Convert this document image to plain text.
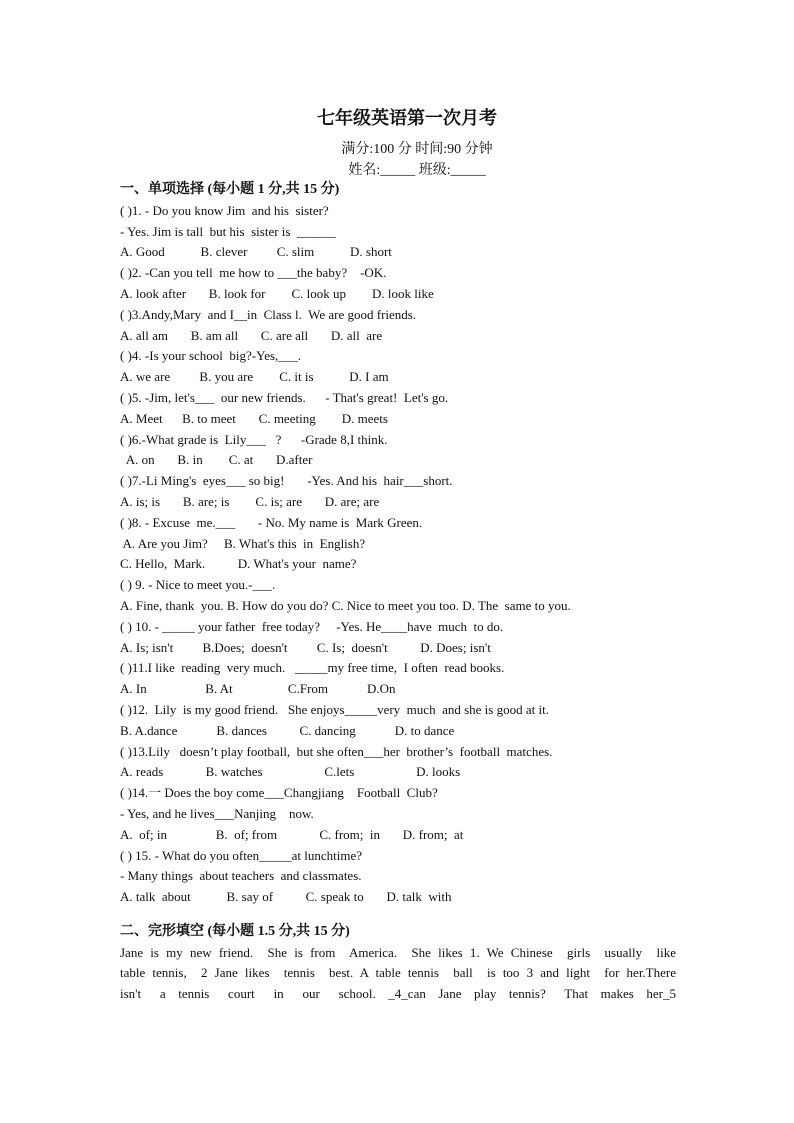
七年级英语第一次月考
满分:100 分 时间:90 分钟
姓名:_____ 班级:_____
一、单项选择 (每小题 1 分,共 15 分)
( )1. - Do you know Jim  and his  sister?
- Yes. Jim is tall  but his  sister is  ______
A. Good           B. clever         C. slim           D. short
( )2. -Can you tell  me how to ___the baby?    -OK.
A. look after       B. look for        C. look up        D. look like
( )3.Andy,Mary  and I__in  Class l.  We are good friends.
A. all am       B. am all       C. are all       D. all  are
( )4. -Is your school  big?-Yes,___.
A. we are         B. you are        C. it is           D. I am
( )5. -Jim, let's___  our new friends.      - That's great!  Let's go.
A. Meet      B. to meet       C. meeting        D. meets
( )6.-What grade is  Lily___   ?      -Grade 8,I think.
A. on       B. in        C. at       D.after
( )7.-Li Ming's  eyes___ so big!       -Yes. And his  hair___short.
A. is; is       B. are; is        C. is; are       D. are; are
( )8. - Excuse  me.___       - No. My name is  Mark Green.
A. Are you Jim?     B. What's this  in  English?
C. Hello,  Mark.          D. What's your  name?
( ) 9. - Nice to meet you.-___.
A. Fine, thank  you. B. How do you do? C. Nice to meet you too. D. The  same to you.
( ) 10. - _____ your father  free today?     -Yes. He____have  much  to do.
A. Is; isn't         B.Does;  doesn't         C. Is;  doesn't          D. Does; isn't
( )11.I like  reading  very much.   _____my free time,  I often  read books.
A. In                  B. At                 C.From            D.On
( )12.  Lily  is my good friend.   She enjoys_____very  much  and she is good at it.
B. A.dance            B. dances          C. dancing            D. to dance
( )13.Lily   doesn’t play football,  but she often___her  brother’s  football  matches.
A. reads             B. watches                   C.lets                   D. looks
( )14.一 Does the boy come___Changjiang    Football  Club?
- Yes, and he lives___Nanjing    now.
A.  of; in               B.  of; from             C. from;  in       D. from;  at
( ) 15. - What do you often_____at lunchtime?
- Many things  about teachers  and classmates.
A. talk  about           B. say of          C. speak to       D. talk  with
二、完形填空 (每小题 1.5 分,共 15 分)
Jane is my new friend.  She is from  America.  She likes 1. We Chinese  girls  usually  like
table tennis,  2 Jane likes  tennis  best. A table tennis  ball  is too 3 and light  for her.There
isn't   a  tennis   court   in   our   school.  _4_can  Jane  play  tennis?   That  makes  her_5
